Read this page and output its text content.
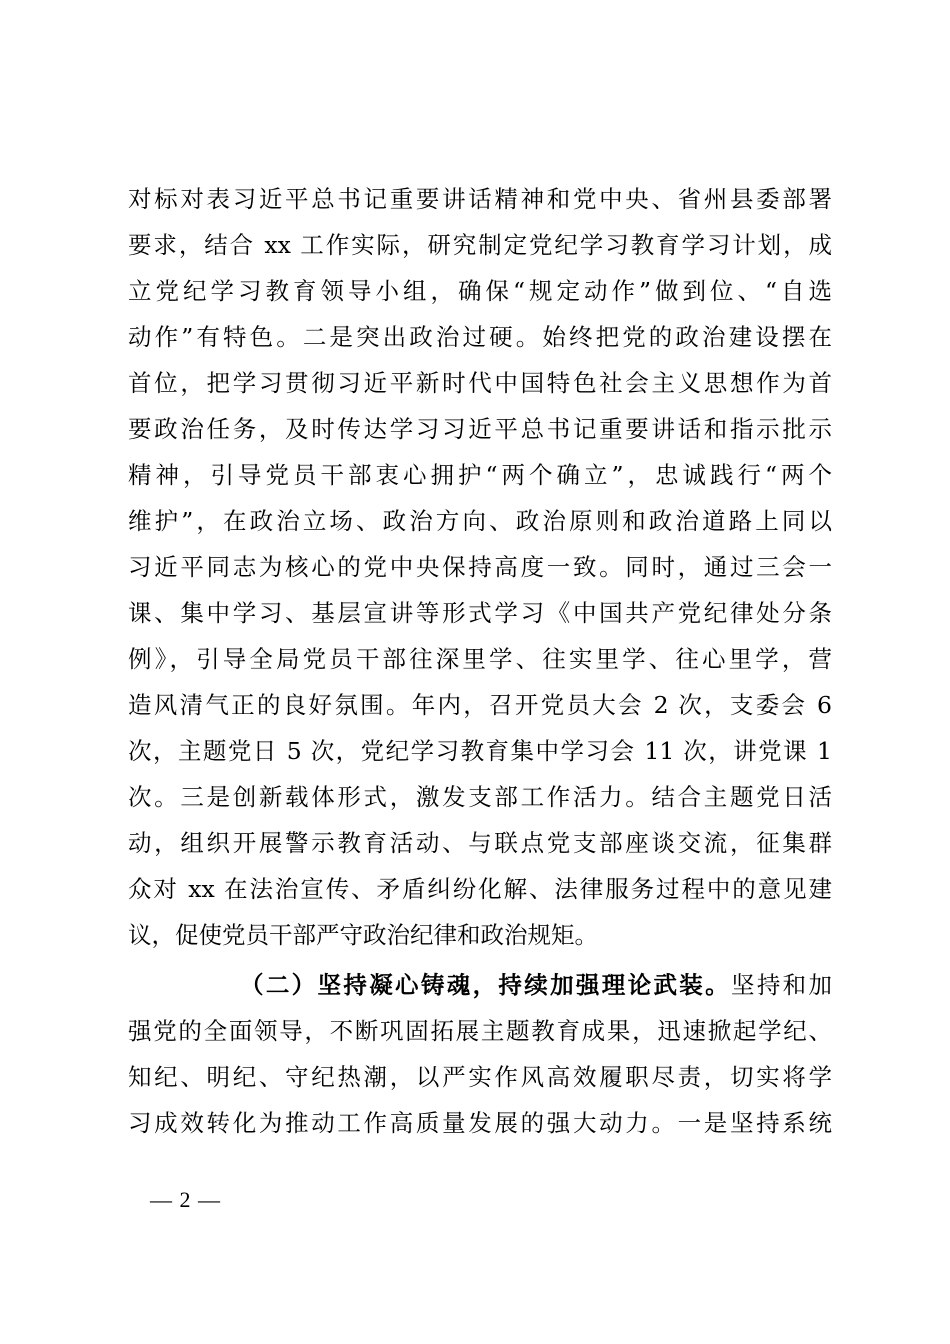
对标对表习近平总书记重要讲话精神和党中央、省州县委部署
要求，结合 xx 工作实际，研究制定党纪学习教育学习计划，成
立党纪学习教育领导小组，确保“规定动作”做到位、“自选
动作”有特色。二是突出政治过硬。始终把党的政治建设摆在
首位，把学习贯彻习近平新时代中国特色社会主义思想作为首
要政治任务，及时传达学习习近平总书记重要讲话和指示批示
精神，引导党员干部衷心拥护“两个确立”，忠诚践行“两个
维护”，在政治立场、政治方向、政治原则和政治道路上同以
习近平同志为核心的党中央保持高度一致。同时，通过三会一
课、集中学习、基层宣讲等形式学习《中国共产党纪律处分条
例》，引导全局党员干部往深里学、往实里学、往心里学，营
造风清气正的良好氛围。年内，召开党员大会 2 次，支委会 6
次，主题党日 5 次，党纪学习教育集中学习会 11 次，讲党课 1
次。三是创新载体形式，激发支部工作活力。结合主题党日活
动，组织开展警示教育活动、与联点党支部座谈交流，征集群
众对 xx 在法治宣传、矛盾纠纷化解、法律服务过程中的意见建
议，促使党员干部严守政治纪律和政治规矩。
（二）坚持凝心铸魂，持续加强理论武装。坚持和加
强党的全面领导，不断巩固拓展主题教育成果，迅速掀起学纪、
知纪、明纪、守纪热潮，以严实作风高效履职尽责，切实将学
习成效转化为推动工作高质量发展的强大动力。一是坚持系统
— 2 —
